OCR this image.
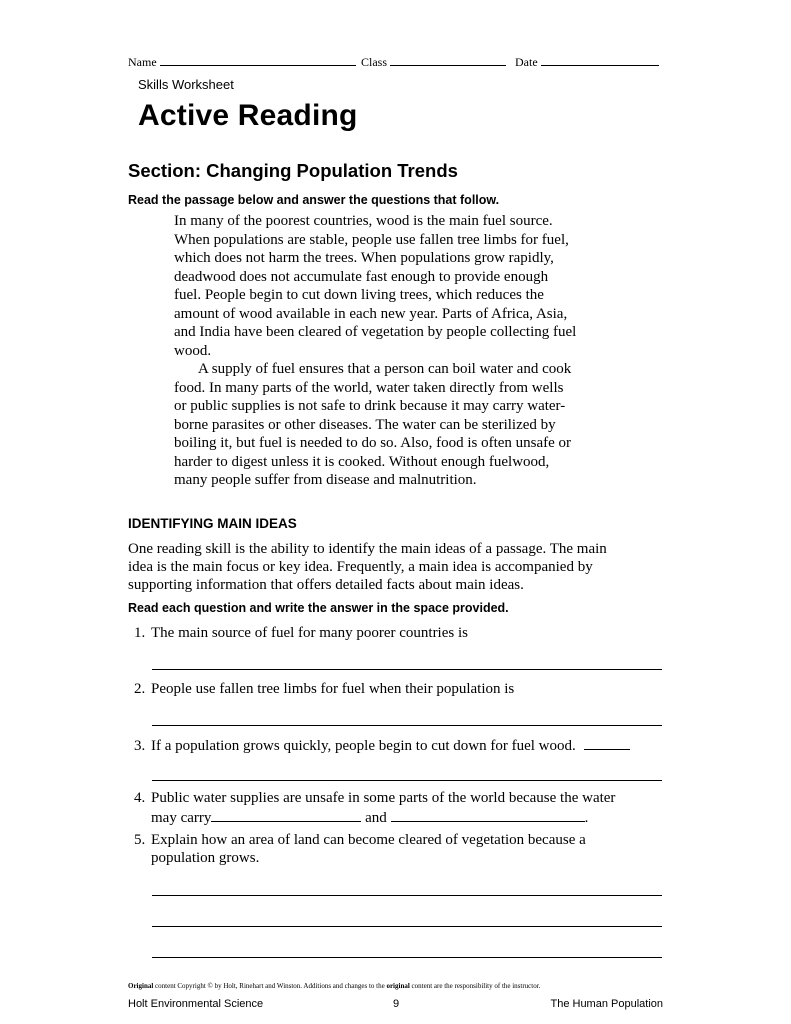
Name	Class	Date
Skills Worksheet
Active Reading
Section: Changing Population Trends
Read the passage below and answer the questions that follow.
In many of the poorest countries, wood is the main fuel source.
When populations are stable, people use fallen tree limbs for fuel,
which does not harm the trees. When populations grow rapidly,
deadwood does not accumulate fast enough to provide enough
fuel. People begin to cut down living trees, which reduces the
amount of wood available in each new year. Parts of Africa, Asia,
and India have been cleared of vegetation by people collecting fuel
wood.
A supply of fuel ensures that a person can boil water and cook
food. In many parts of the world, water taken directly from wells
or public supplies is not safe to drink because it may carry water-
borne parasites or other diseases. The water can be sterilized by
boiling it, but fuel is needed to do so. Also, food is often unsafe or
harder to digest unless it is cooked. Without enough fuelwood,
many people suffer from disease and malnutrition.
IDENTIFYING MAIN IDEAS
One reading skill is the ability to identify the main ideas of a passage. The main
idea is the main focus or key idea. Frequently, a main idea is accompanied by
supporting information that offers detailed facts about main ideas.
Read each question and write the answer in the space provided.
1. The main source of fuel for many poorer countries is
2. People use fallen tree limbs for fuel when their population is
3. If a population grows quickly, people begin to cut down for fuel wood.
4. Public water supplies are unsafe in some parts of the world because the water
may carry	and	.
5. Explain how an area of land can become cleared of vegetation because a
population grows.
Original content Copyright © by Holt, Rinehart and Winston. Additions and changes to the original content are the responsibility of the instructor.
Holt Environmental Science	9	The Human Population
